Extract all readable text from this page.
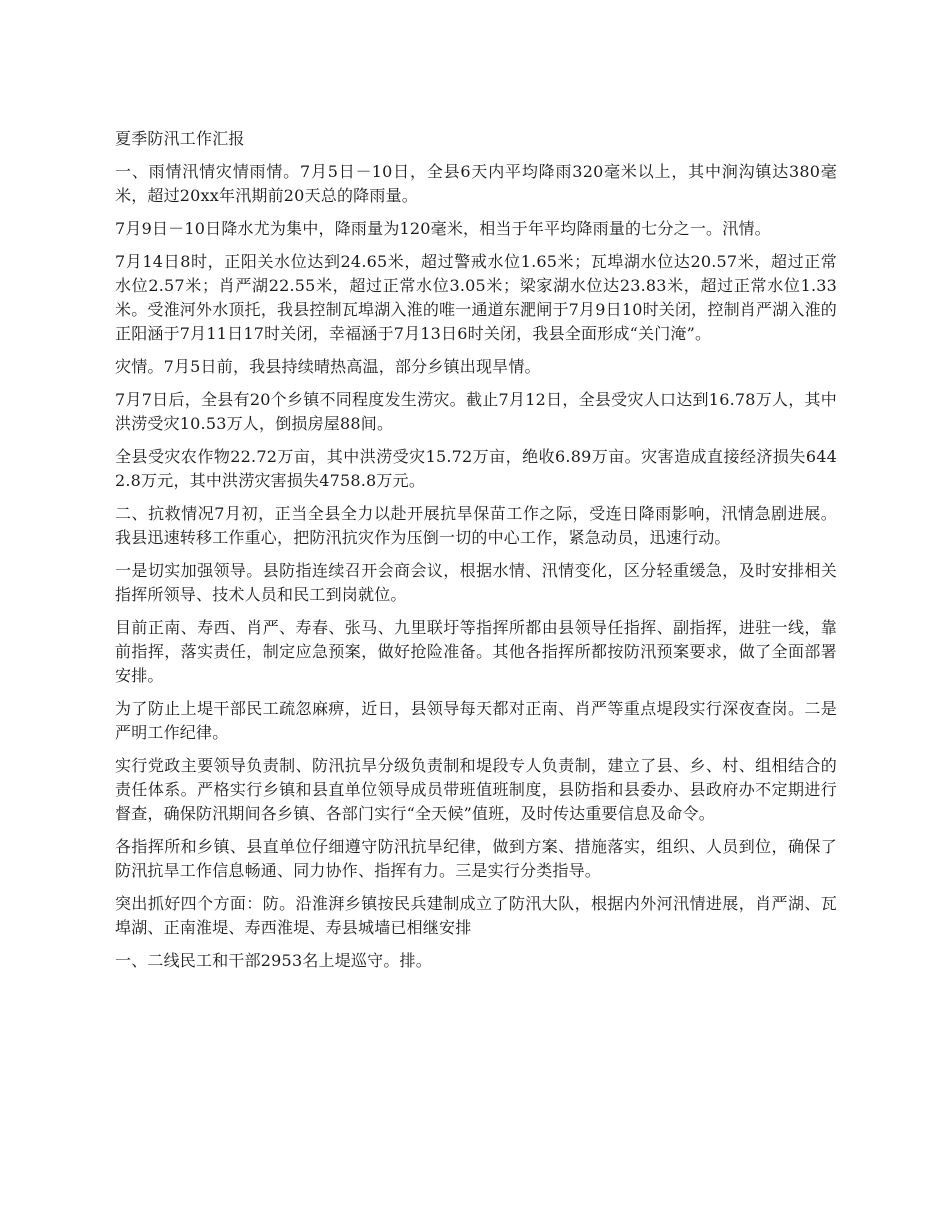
夏季防汛工作汇报

一、雨情汛情灾情雨情。7月5日－10日，全县6天内平均降雨320毫米以上，其中涧沟镇达380毫米，超过20xx年汛期前20天总的降雨量。

7月9日－10日降水尤为集中，降雨量为120毫米，相当于年平均降雨量的七分之一。汛情。

7月14日8时，正阳关水位达到24.65米，超过警戒水位1.65米；瓦埠湖水位达20.57米，超过正常水位2.57米；肖严湖22.55米，超过正常水位3.05米；梁家湖水位达23.83米，超过正常水位1.33米。受淮河外水顶托，我县控制瓦埠湖入淮的唯一通道东淝闸于7月9日10时关闭，控制肖严湖入淮的正阳涵于7月11日17时关闭，幸福涵于7月13日6时关闭，我县全面形成“关门淹”。

灾情。7月5日前，我县持续晴热高温，部分乡镇出现旱情。

7月7日后，全县有20个乡镇不同程度发生涝灾。截止7月12日，全县受灾人口达到16.78万人，其中洪涝受灾10.53万人，倒损房屋88间。

全县受灾农作物22.72万亩，其中洪涝受灾15.72万亩，绝收6.89万亩。灾害造成直接经济损失6442.8万元，其中洪涝灾害损失4758.8万元。

二、抗救情况7月初，正当全县全力以赴开展抗旱保苗工作之际，受连日降雨影响，汛情急剧进展。我县迅速转移工作重心，把防汛抗灾作为压倒一切的中心工作，紧急动员，迅速行动。

一是切实加强领导。县防指连续召开会商会议，根据水情、汛情变化，区分轻重缓急，及时安排相关指挥所领导、技术人员和民工到岗就位。

目前正南、寿西、肖严、寿春、张马、九里联圩等指挥所都由县领导任指挥、副指挥，进驻一线，靠前指挥，落实责任，制定应急预案，做好抢险准备。其他各指挥所都按防汛预案要求，做了全面部署安排。

为了防止上堤干部民工疏忽麻痹，近日，县领导每天都对正南、肖严等重点堤段实行深夜查岗。二是严明工作纪律。

实行党政主要领导负责制、防汛抗旱分级负责制和堤段专人负责制，建立了县、乡、村、组相结合的责任体系。严格实行乡镇和县直单位领导成员带班值班制度，县防指和县委办、县政府办不定期进行督查，确保防汛期间各乡镇、各部门实行“全天候”值班，及时传达重要信息及命令。

各指挥所和乡镇、县直单位仔细遵守防汛抗旱纪律，做到方案、措施落实，组织、人员到位，确保了防汛抗旱工作信息畅通、同力协作、指挥有力。三是实行分类指导。

突出抓好四个方面：防。沿淮湃乡镇按民兵建制成立了防汛大队，根据内外河汛情进展，肖严湖、瓦埠湖、正南淮堤、寿西淮堤、寿县城墙已相继安排

一、二线民工和干部2953名上堤巡守。排。
